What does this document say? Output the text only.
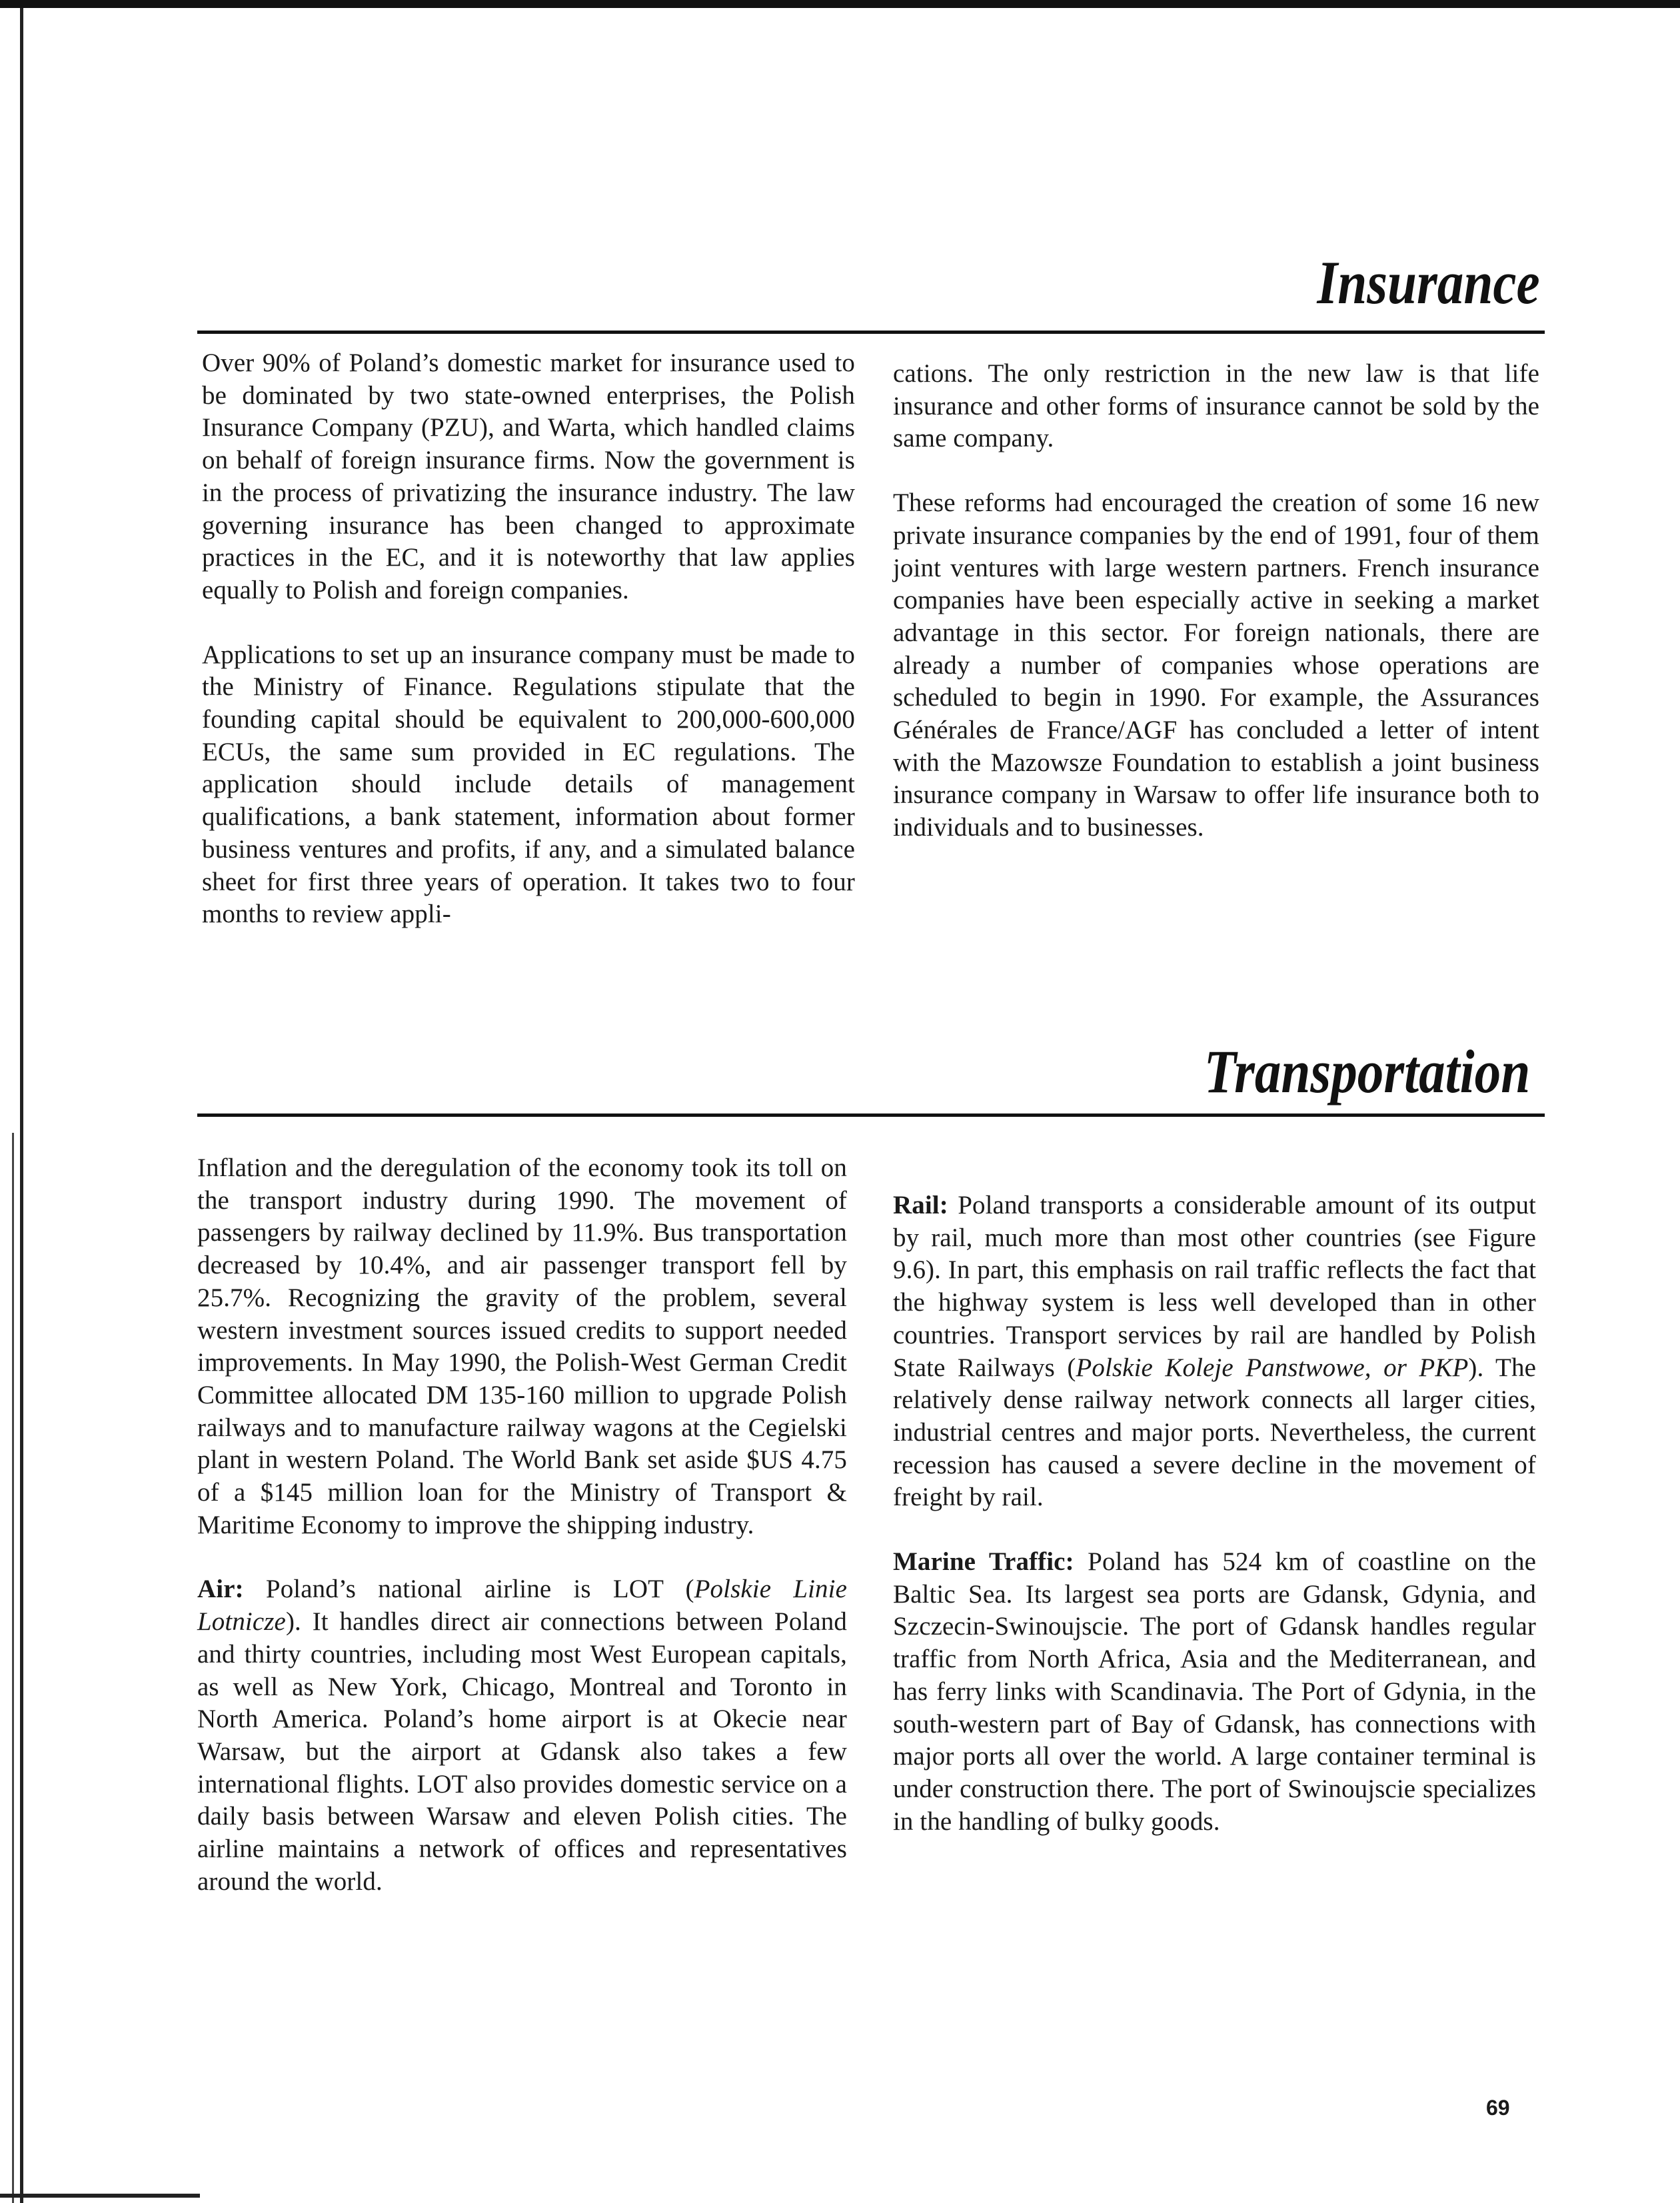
Insurance

Over 90% of Poland’s domestic market for insurance used to be dominated by two state-owned enterprises, the Polish Insurance Company (PZU), and Warta, which handled claims on behalf of foreign insurance firms. Now the government is in the process of privatizing the insurance industry. The law governing insurance has been changed to approximate practices in the EC, and it is noteworthy that law applies equally to Polish and foreign companies.

Applications to set up an insurance company must be made to the Ministry of Finance. Regulations stipulate that the founding capital should be equivalent to 200,000-600,000 ECUs, the same sum provided in EC regulations. The application should include details of management qualifications, a bank statement, information about former business ventures and profits, if any, and a simulated balance sheet for first three years of operation. It takes two to four months to review appli-

cations. The only restriction in the new law is that life insurance and other forms of insurance cannot be sold by the same company.

These reforms had encouraged the creation of some 16 new private insurance companies by the end of 1991, four of them joint ventures with large western partners. French insurance companies have been especially active in seeking a market advantage in this sector. For foreign nationals, there are already a number of companies whose operations are scheduled to begin in 1990. For example, the Assurances Générales de France/AGF has concluded a letter of intent with the Mazowsze Foundation to establish a joint business insurance company in Warsaw to offer life insurance both to individuals and to businesses.

Transportation

Inflation and the deregulation of the economy took its toll on the transport industry during 1990. The movement of passengers by railway declined by 11.9%. Bus transportation decreased by 10.4%, and air passenger transport fell by 25.7%. Recognizing the gravity of the problem, several western investment sources issued credits to support needed improvements. In May 1990, the Polish-West German Credit Committee allocated DM 135-160 million to upgrade Polish railways and to manufacture railway wagons at the Cegielski plant in western Poland. The World Bank set aside $US 4.75 of a $145 million loan for the Ministry of Transport & Maritime Economy to improve the shipping industry.

Air: Poland’s national airline is LOT (Polskie Linie Lotnicze). It handles direct air connections between Poland and thirty countries, including most West European capitals, as well as New York, Chicago, Montreal and Toronto in North America. Poland’s home airport is at Okecie near Warsaw, but the airport at Gdansk also takes a few international flights. LOT also provides domestic service on a daily basis between Warsaw and eleven Polish cities. The airline maintains a network of offices and representatives around the world.

Rail: Poland transports a considerable amount of its output by rail, much more than most other countries (see Figure 9.6). In part, this emphasis on rail traffic reflects the fact that the highway system is less well developed than in other countries. Transport services by rail are handled by Polish State Railways (Polskie Koleje Panstwowe, or PKP). The relatively dense railway network connects all larger cities, industrial centres and major ports. Nevertheless, the current recession has caused a severe decline in the movement of freight by rail.

Marine Traffic: Poland has 524 km of coastline on the Baltic Sea. Its largest sea ports are Gdansk, Gdynia, and Szczecin-Swinoujscie. The port of Gdansk handles regular traffic from North Africa, Asia and the Mediterranean, and has ferry links with Scandinavia. The Port of Gdynia, in the south-western part of Bay of Gdansk, has connections with major ports all over the world. A large container terminal is under construction there. The port of Swinoujscie specializes in the handling of bulky goods.

69
